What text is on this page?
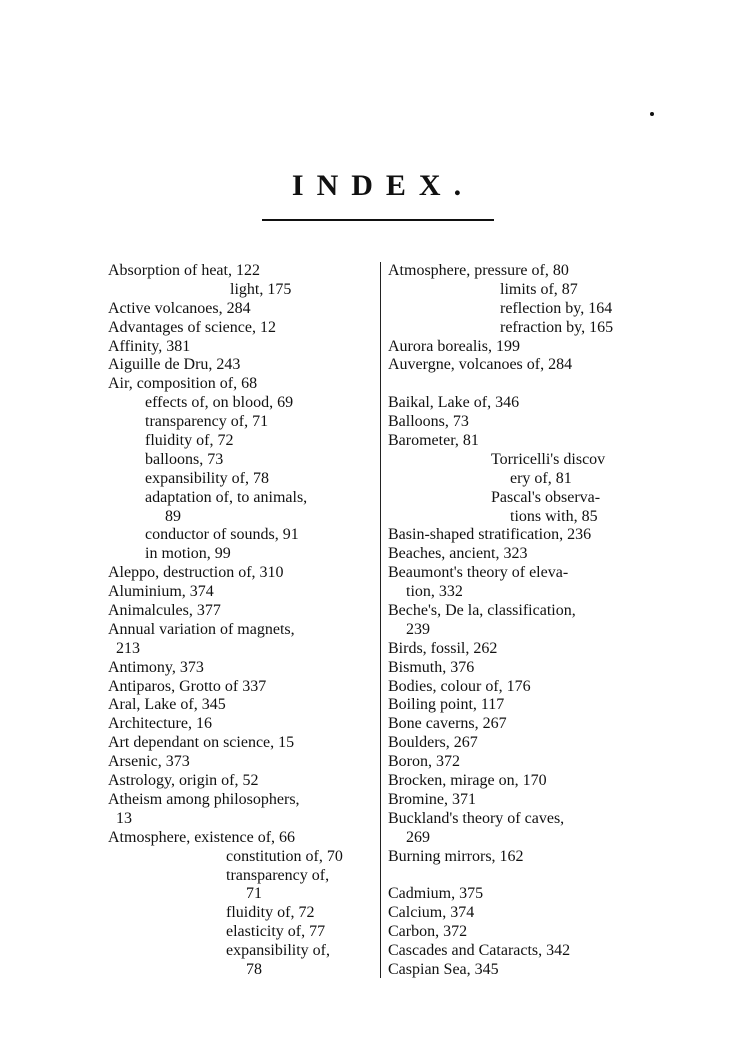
INDEX.
Absorption of heat, 122
light, 175
Active volcanoes, 284
Advantages of science, 12
Affinity, 381
Aiguille de Dru, 243
Air, composition of, 68
effects of, on blood, 69
transparency of, 71
fluidity of, 72
balloons, 73
expansibility of, 78
adaptation of, to animals,
89
conductor of sounds, 91
in motion, 99
Aleppo, destruction of, 310
Aluminium, 374
Animalcules, 377
Annual variation of magnets,
213
Antimony, 373
Antiparos, Grotto of 337
Aral, Lake of, 345
Architecture, 16
Art dependant on science, 15
Arsenic, 373
Astrology, origin of, 52
Atheism among philosophers,
13
Atmosphere, existence of, 66
constitution of, 70
transparency of,
71
fluidity of, 72
elasticity of, 77
expansibility of,
78
Atmosphere, pressure of, 80
limits of, 87
reflection by, 164
refraction by, 165
Aurora borealis, 199
Auvergne, volcanoes of, 284
Baikal, Lake of, 346
Balloons, 73
Barometer, 81
Torricelli's discov
ery of, 81
Pascal's observa-
tions with, 85
Basin-shaped stratification, 236
Beaches, ancient, 323
Beaumont's theory of eleva-
tion, 332
Beche's, De la, classification,
239
Birds, fossil, 262
Bismuth, 376
Bodies, colour of, 176
Boiling point, 117
Bone caverns, 267
Boulders, 267
Boron, 372
Brocken, mirage on, 170
Bromine, 371
Buckland's theory of caves,
269
Burning mirrors, 162
Cadmium, 375
Calcium, 374
Carbon, 372
Cascades and Cataracts, 342
Caspian Sea, 345
